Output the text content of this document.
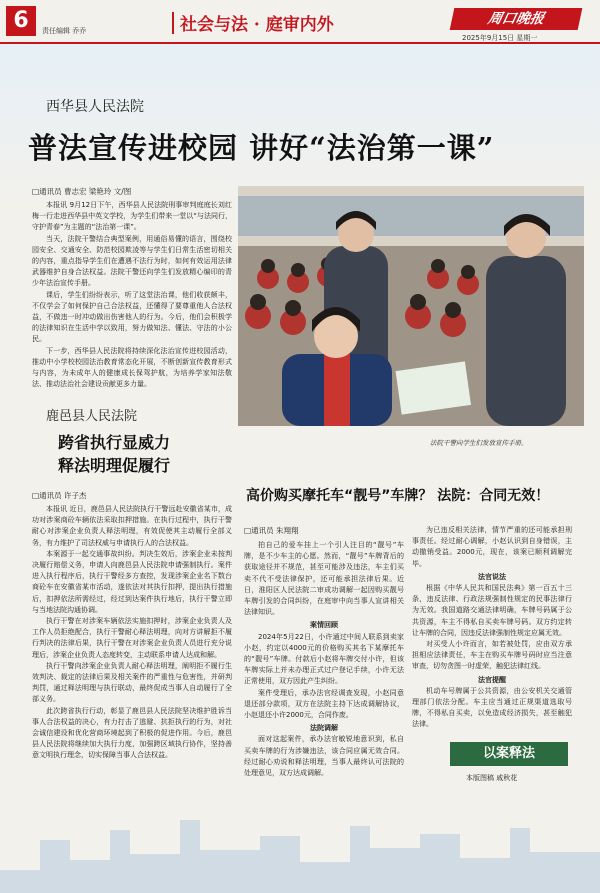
6	责任编辑 乔乔	社会与法 · 庭审内外	周口晚报
2025年9月15日 星期一
西华县人民法院
普法宣传进校园 讲好“法治第一课”
□通讯员 曹志宏 梁艳玲 文/图

本报讯 9月12日下午，西华县人民法院刑事审判庭庭长刘红梅一行走进西华县中英文学校，为学生们带来一堂以“与法同行，守护青春”为主题的“法治第一课”。

当天，法院干警结合典型案例，用通俗易懂的语言，围绕校园安全、交通安全、防范校园欺凌等与学生们日常生活密切相关的内容，重点指导学生们在遭遇不法行为时，如何有效运用法律武器维护自身合法权益。法院干警还向学生们发放精心编印的青少年法治宣传手册。

课后，学生们纷纷表示，听了这堂法治课，他们收获颇丰，不仅学会了如何保护自己合法权益，还懂得了要尊重他人合法权益，不做违一时冲动做出伤害他人的行为。今后，他们会积极学的法律知识在生活中学以致用，努力做知法、懂法、守法的小公民。

下一步，西华县人民法院将持续深化法治宣传进校园活动，推动中小学校校园法治教育常态化开展，不断创新宣传教育形式与内容，为未成年人的健康成长保驾护航，为培养学家知法敬法、推动法治社会建设贡献更多力量。

法院干警向学生们发放宣传手册。
鹿邑县人民法院
跨省执行显威力
释法明理促履行
□通讯员 许子杰

本报讯 近日，鹿邑县人民法院执行干警远赴安徽省某市，成功对涉案商砼车辆依法采取扣押措施。在执行过程中，执行干警耐心对涉案企业负责人释法明理，有效促使其主动履行全部义务，有力维护了司法权威与申请执行人的合法权益。

本案源于一起交通事故纠纷。判决生效后，涉案企业未按判决履行赔偿义务，申请人向鹿邑县人民法院申请强制执行。案件进入执行程序后，执行干警经多方查控，发现涉案企业名下数台商砼车在安徽省某市活动，遂依法对其执行扣押，提出执行措施后，扣押依法所需经过，经过到达案件执行地后，执行干警立即与当地法院沟通协调。

执行干警在对涉案车辆依法实施扣押时，涉案企业负责人及工作人员拒绝配合，执行干警耐心释法明理，向对方讲解拒不履行判决的法律后果，执行干警在对涉案企业负责人员进行充分说理后，涉案企业负责人态度转变，主动联系申请人达成和解。

执行干警向涉案企业负责人耐心释法明理，阐明拒不履行生效判决、裁定的法律后果及相关案件的严重性与危害性，并研判判罚，通过释法明理与执行联动，最终促成当事人自动履行了全部义务。

此次跨省执行行动，彰显了鹿邑县人民法院坚决维护胜诉当事人合法权益的决心，有力打击了逃避、抗拒执行的行为，对社会诚信建设和优化营商环境起到了积极的促进作用。今后，鹿邑县人民法院将继续加大执行力度，加强跨区域执行协作，坚持善意文明执行理念，切实保障当事人合法权益。

高价购买摩托车“靓号”车牌？ 法院：合同无效！
□通讯员 朱翔翔

拍自己的爱车挂上一个引人注目的“靓号”车牌，是不少车主的心愿。然而，“靓号”车牌背后的获取途径并不规范，甚至可能涉及违法，车主们买卖不代不受法律保护，还可能承担法律后果。近日，淮阳区人民法院二审成功调解一起因购买靓号车牌引发的合同纠纷，在庭审中向当事人宣讲相关法律知识。

案情回顾

2024年5月22日，小许通过中间人联系到卖家小赵，约定以4000元的价格购买其名下某摩托车的“靓号”车牌。付款后小赵将车牌交付小许，但该车牌实际上并未办理正式过户登记手续，小许无法正常使用，双方因此产生纠纷。

案件受理后，承办法官经调查发现，小赵同意退还部分款项，双方在法院主持下达成调解协议，小赵退还小许2000元，合同作废。

法院调解

面对这起案件，承办法官敏锐地意识到，私自买卖车牌的行为涉嫌违法，该合同应属无效合同。经过耐心劝说和释法明理，当事人最终认可法院的处理意见，双方达成调解。

为已违反相关法律，情节严重的还可能承担刑事责任。经过耐心调解，小赵认识到自身错误，主动撤销受益。2000元，现在，该案已顺利调解完毕。

法官说法

根据《中华人民共和国民法典》第一百五十三条，违反法律、行政法规强制性规定的民事法律行为无效。我国道路交通法律明确，车牌号码属于公共资源，车主不得私自买卖车牌号码。双方约定转让车牌的合同，因违反法律强制性规定应属无效。

对买受人小许而言，如若被处罚，应由双方承担相应法律责任，车主在购买车牌号码时应当注意审查，切勿贪图一时虚荣，触犯法律红线。

法官提醒

机动车号牌属于公共资源，由公安机关交通管理部门依法分配。车主应当通过正规渠道选取号牌，不得私自买卖，以免造成经济损失，甚至触犯法律。

以案释法
本版图稿 戚秋花
